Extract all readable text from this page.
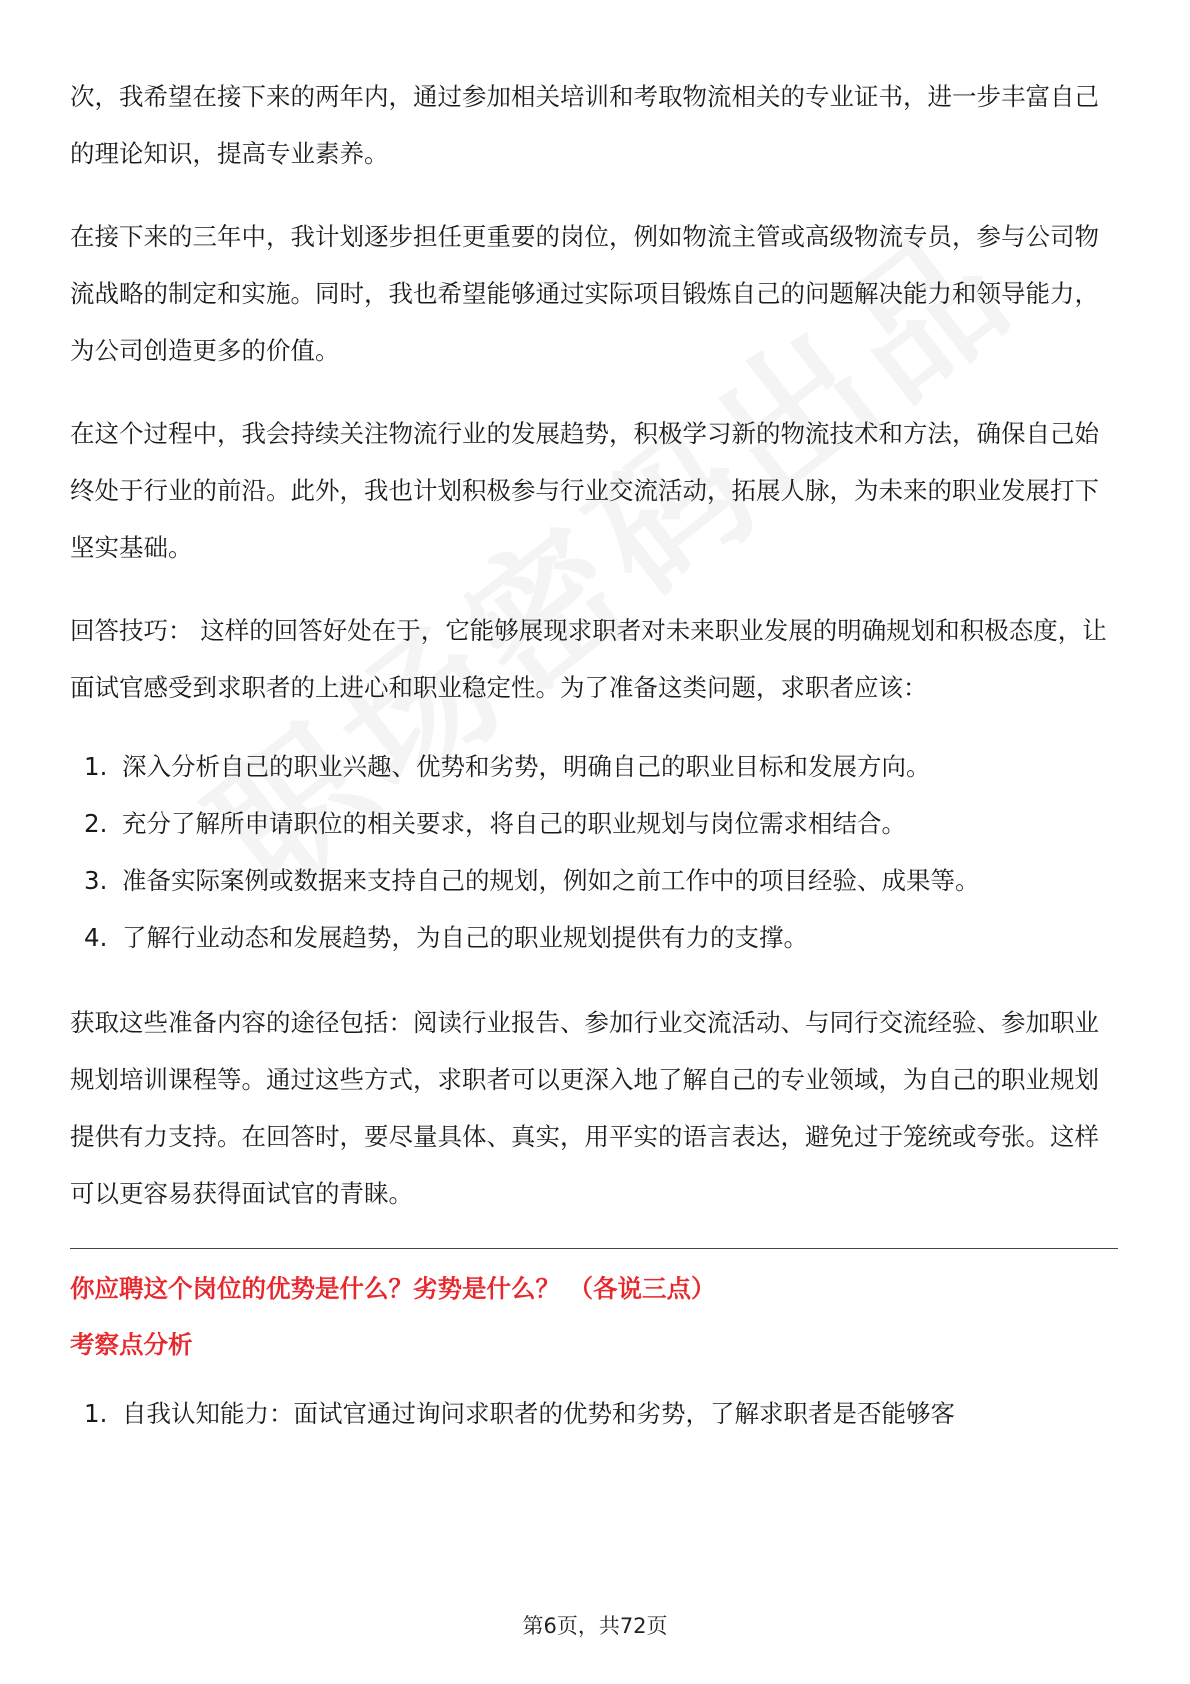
次，我希望在接下来的两年内，通过参加相关培训和考取物流相关的专业证书，进一步丰富自己的理论知识，提高专业素养。

在接下来的三年中，我计划逐步担任更重要的岗位，例如物流主管或高级物流专员，参与公司物流战略的制定和实施。同时，我也希望能够通过实际项目锻炼自己的问题解决能力和领导能力，为公司创造更多的价值。

在这个过程中，我会持续关注物流行业的发展趋势，积极学习新的物流技术和方法，确保自己始终处于行业的前沿。此外，我也计划积极参与行业交流活动，拓展人脉，为未来的职业发展打下坚实基础。

回答技巧： 这样的回答好处在于，它能够展现求职者对未来职业发展的明确规划和积极态度，让面试官感受到求职者的上进心和职业稳定性。为了准备这类问题，求职者应该：

1. 深入分析自己的职业兴趣、优势和劣势，明确自己的职业目标和发展方向。
2. 充分了解所申请职位的相关要求，将自己的职业规划与岗位需求相结合。
3. 准备实际案例或数据来支持自己的规划，例如之前工作中的项目经验、成果等。
4. 了解行业动态和发展趋势，为自己的职业规划提供有力的支撑。

获取这些准备内容的途径包括：阅读行业报告、参加行业交流活动、与同行交流经验、参加职业规划培训课程等。通过这些方式，求职者可以更深入地了解自己的专业领域，为自己的职业规划提供有力支持。在回答时，要尽量具体、真实，用平实的语言表达，避免过于笼统或夸张。这样可以更容易获得面试官的青睐。

你应聘这个岗位的优势是什么？劣势是什么？ （各说三点）
考察点分析
1. 自我认知能力：面试官通过询问求职者的优势和劣势，了解求职者是否能够客
第6页，共72页
